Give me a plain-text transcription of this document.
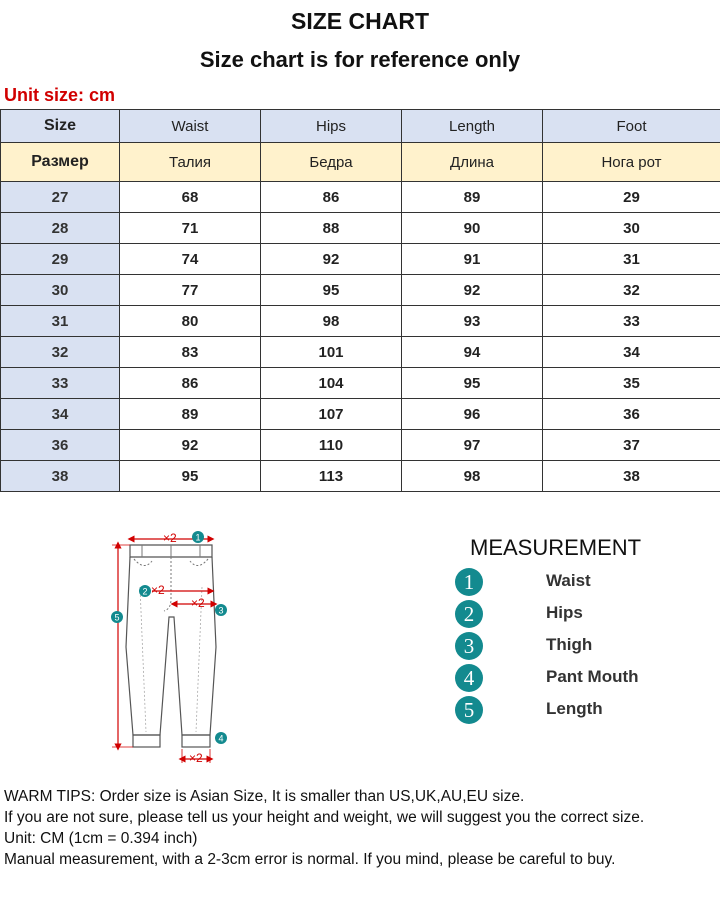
SIZE CHART
Size chart is for reference only
Unit size: cm
Size	Waist	Hips	Length	Foot
Размер	Талия	Бедра	Длина	Нога рот
27	68	86	89	29
28	71	88	90	30
29	74	92	91	31
30	77	95	92	32
31	80	98	93	33
32	83	101	94	34
33	86	104	95	35
34	89	107	96	36
36	92	110	97	37
38	95	113	98	38
×2
×2
×2
×2
1
2
3
4
5
MEASUREMENT
1	Waist
2	Hips
3	Thigh
4	Pant Mouth
5	Length
WARM TIPS: Order size is Asian Size, It is smaller than US,UK,AU,EU size.
If you are not sure, please tell us your height and weight, we will suggest you the correct size.
Unit: CM (1cm = 0.394 inch)
Manual measurement, with a 2-3cm error is normal. If you mind, please be careful to buy.
